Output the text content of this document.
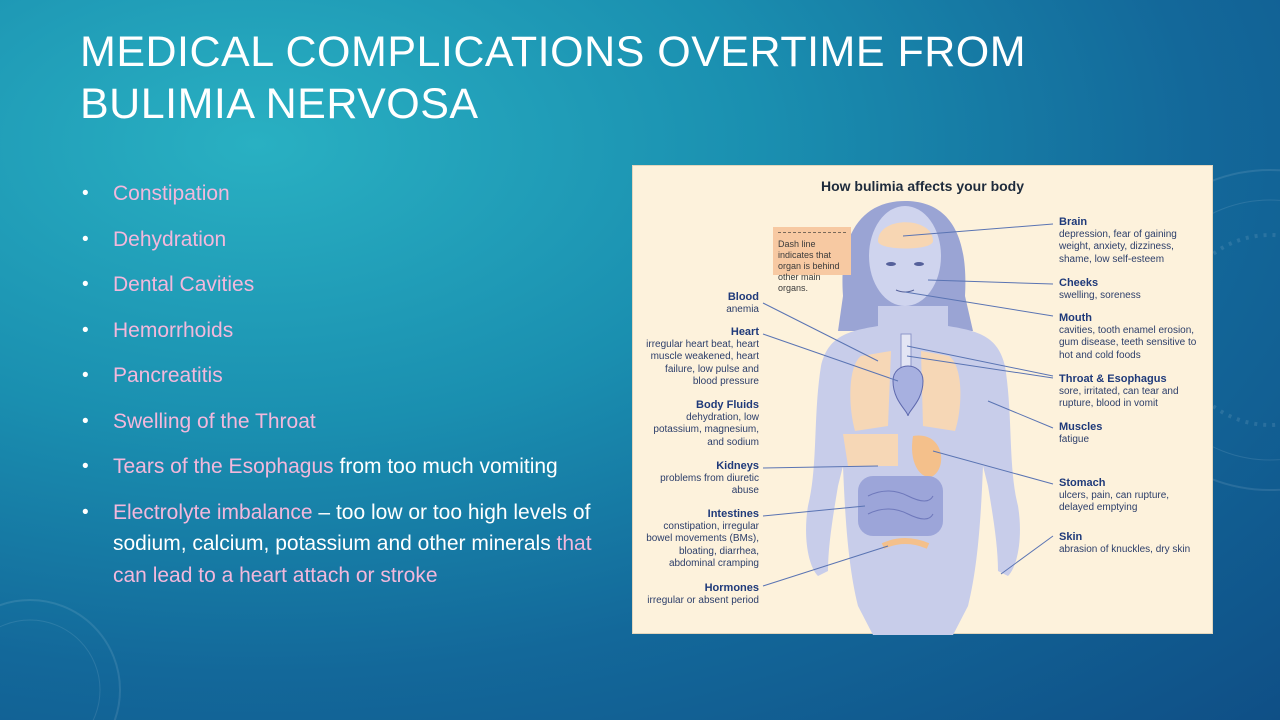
MEDICAL COMPLICATIONS OVERTIME FROM
BULIMIA NERVOSA
• Constipation
• Dehydration
• Dental Cavities
• Hemorrhoids
• Pancreatitis
• Swelling of the Throat
• Tears of the Esophagus from too much vomiting
• Electrolyte imbalance – too low or too high levels of sodium, calcium, potassium and other minerals that can lead to a heart attach or stroke
How bulimia affects your body
Dash line indicates that organ is behind other main organs.
Blood
anemia
Heart
irregular heart beat, heart muscle weakened, heart failure, low pulse and blood pressure
Body Fluids
dehydration, low potassium, magnesium, and sodium
Kidneys
problems from diuretic abuse
Intestines
constipation, irregular bowel movements (BMs), bloating, diarrhea, abdominal cramping
Hormones
irregular or absent period
Brain
depression, fear of gaining weight, anxiety, dizziness, shame, low self-esteem
Cheeks
swelling, soreness
Mouth
cavities, tooth enamel erosion, gum disease, teeth sensitive to hot and cold foods
Throat & Esophagus
sore, irritated, can tear and rupture, blood in vomit
Muscles
fatigue
Stomach
ulcers, pain, can rupture, delayed emptying
Skin
abrasion of knuckles, dry skin
